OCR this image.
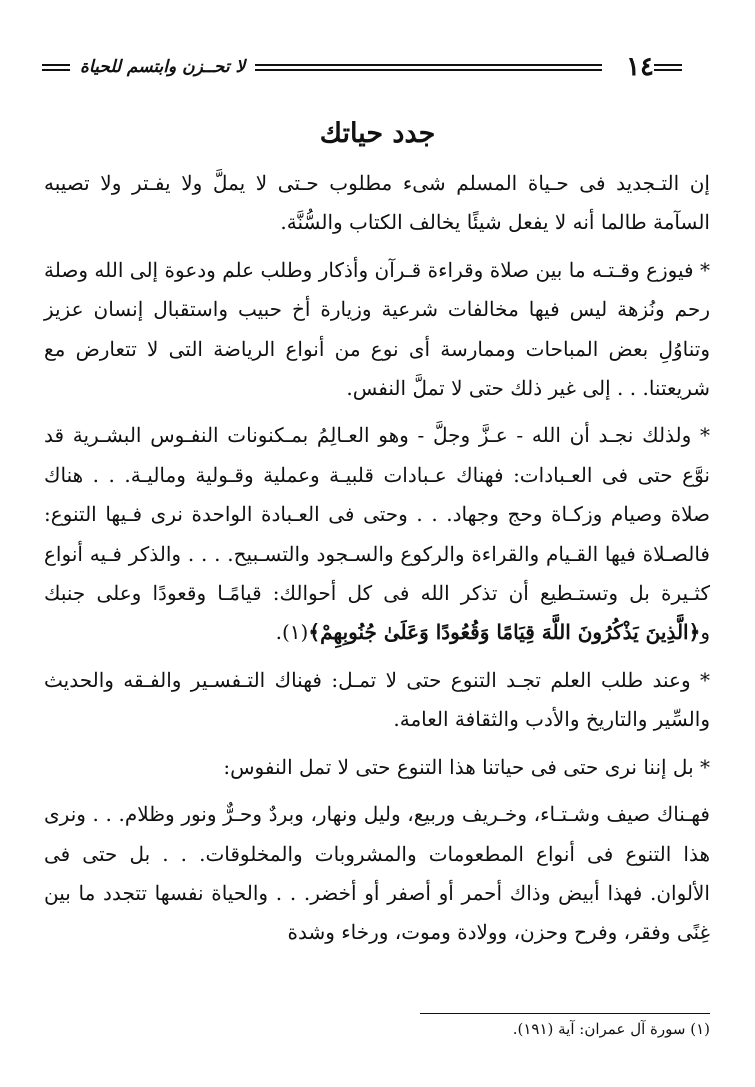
١٤
لا تحــزن وابتسم للحياة
جدد حياتك

إن التـجديد فى حـياة المسلم شىء مطلوب حـتى لا يملَّ ولا يفـتر ولا تصيبه السآمة طالما أنه لا يفعل شيئًا يخالف الكتاب والسُّنَّة.

* فيوزع وقـتـه ما بين صلاة وقراءة قـرآن وأذكار وطلب علم ودعوة إلى الله وصلة رحم ونُزهة ليس فيها مخالفات شرعية وزيارة أخ حبيب واستقبال إنسان عزيز وتناوُلِ بعض المباحات وممارسة أى نوع من أنواع الرياضة التى لا تتعارض مع شريعتنا. . . إلى غير ذلك حتى لا تملَّ النفس.

* ولذلك نجـد أن الله - عـزَّ وجلَّ - وهو العـالِمُ بمـكنونات النفـوس البشـرية قد نوَّع حتى فى العـبادات: فهناك عـبادات قلبيـة وعملية وقـولية وماليـة. . . هناك صلاة وصيام وزكـاة وحج وجهاد. . . وحتى فى العـبادة الواحدة نرى فـيها التنوع: فالصـلاة فيها القـيام والقراءة والركوع والسـجود والتسـبيح. . . . والذكر فـيه أنواع كثـيرة بل وتستـطيع أن تذكر الله فى كل أحوالك: قيامًـا وقعودًا وعلى جنبك و﴿الَّذِينَ يَذْكُرُونَ اللَّهَ قِيَامًا وَقُعُودًا وَعَلَىٰ جُنُوبِهِمْ﴾(١).

* وعند طلب العلم تجـد التنوع حتى لا تمـل: فهناك التـفسـير والفـقه والحديث والسِّير والتاريخ والأدب والثقافة العامة.

* بل إننا نرى حتى فى حياتنا هذا التنوع حتى لا تمل النفوس:

فهـناك صيف وشـتـاء، وخـريف وربيع، وليل ونهار، وبردٌ وحـرٌّ ونور وظلام. . . ونرى هذا التنوع فى أنواع المطعومات والمشروبات والمخلوقات. . . بل حتى فى الألوان. فهذا أبيض وذاك أحمر أو أصفر أو أخضر. . . والحياة نفسها تتجدد ما بين غِنًى وفقر، وفرح وحزن، وولادة وموت، ورخاء وشدة

(١) سورة آل عمران: آية (١٩١).
